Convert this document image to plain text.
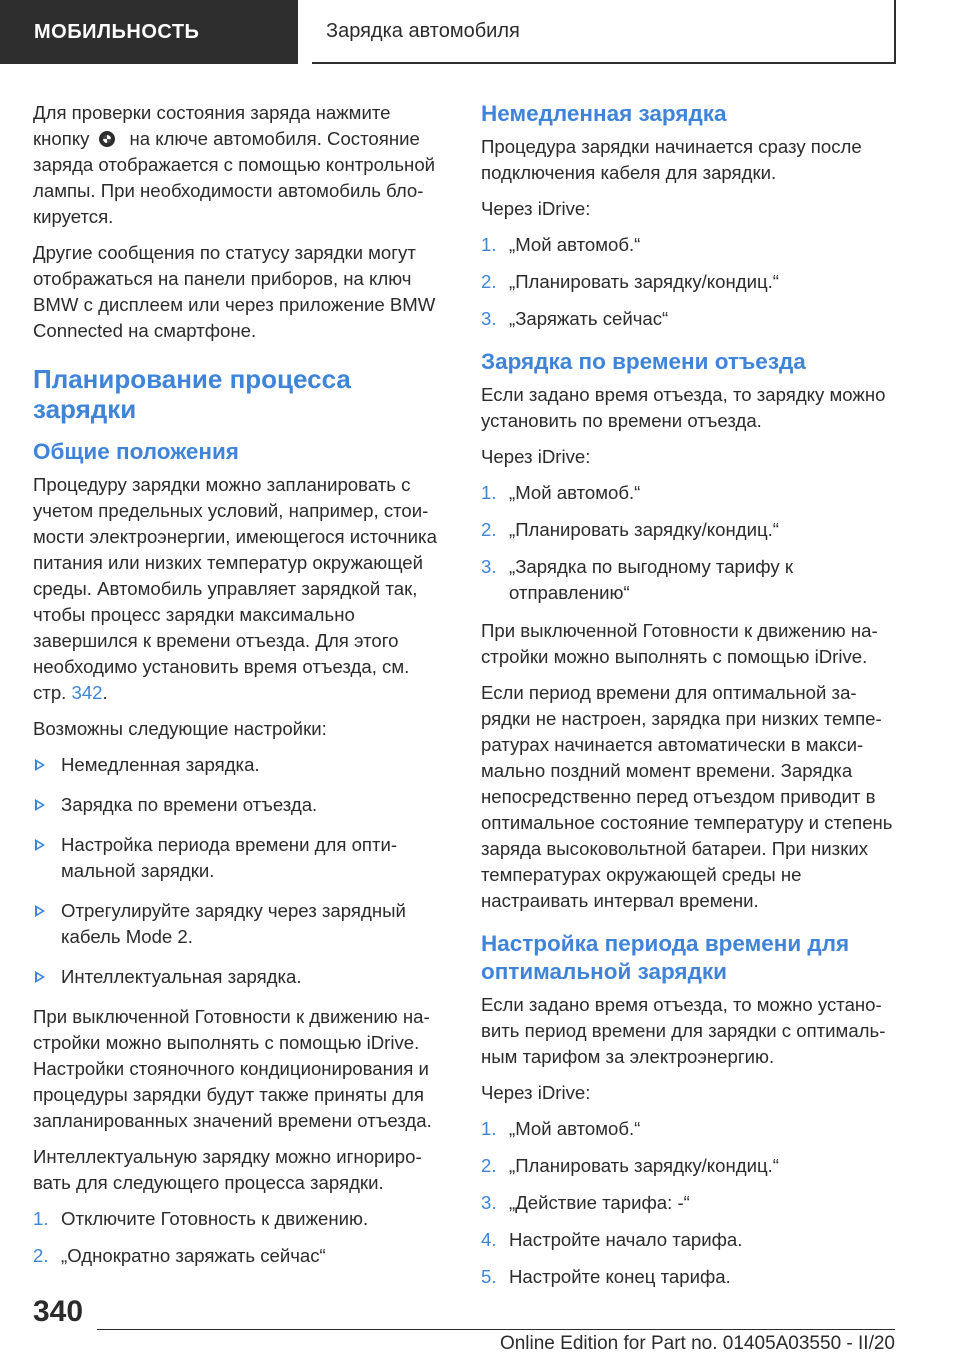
МОБИЛЬНОСТЬ	Зарядка автомобиля

Для проверки состояния заряда нажмите кнопку на ключе автомобиля. Состояние заряда отображается с помощью контрольной лампы. При необходимости автомобиль блокируется.

Другие сообщения по статусу зарядки могут отображаться на панели приборов, на ключ BMW с дисплеем или через приложение BMW Connected на смартфоне.

Планирование процесса зарядки
Общие положения

Процедуру зарядки можно запланировать с учетом предельных условий, например, стоимости электроэнергии, имеющегося источника питания или низких температур окружающей среды. Автомобиль управляет зарядкой так, чтобы процесс зарядки максимально завершился к времени отъезда. Для этого необходимо установить время отъезда, см. стр. 342.

Возможны следующие настройки:

Немедленная зарядка.
Зарядка по времени отъезда.
Настройка периода времени для оптимальной зарядки.
Отрегулируйте зарядку через зарядный кабель Mode 2.
Интеллектуальная зарядка.

При выключенной Готовности к движению настройки можно выполнять с помощью iDrive. Настройки стояночного кондиционирования и процедуры зарядки будут также приняты для запланированных значений времени отъезда.

Интеллектуальную зарядку можно игнорировать для следующего процесса зарядки.

1. Отключите Готовность к движению.
2. „Однократно заряжать сейчас“
Немедленная зарядка

Процедура зарядки начинается сразу после подключения кабеля для зарядки.

Через iDrive:

1. „Мой автомоб.“
2. „Планировать зарядку/кондиц.“
3. „Заряжать сейчас“
Зарядка по времени отъезда

Если задано время отъезда, то зарядку можно установить по времени отъезда.

Через iDrive:

1. „Мой автомоб.“
2. „Планировать зарядку/кондиц.“
3. „Зарядка по выгодному тарифу к отправлению“

При выключенной Готовности к движению настройки можно выполнять с помощью iDrive.

Если период времени для оптимальной зарядки не настроен, зарядка при низких температурах начинается автоматически в максимально поздний момент времени. Зарядка непосредственно перед отъездом приводит в оптимальное состояние температуру и степень заряда высоковольтной батареи. При низких температурах окружающей среды не настраивать интервал времени.

Настройка периода времени для оптимальной зарядки

Если задано время отъезда, то можно установить период времени для зарядки с оптимальным тарифом за электроэнергию.

Через iDrive:

1. „Мой автомоб.“
2. „Планировать зарядку/кондиц.“
3. „Действие тарифа: -“
4. Настройте начало тарифа.
5. Настройте конец тарифа.
340
Online Edition for Part no. 01405A03550 - II/20
